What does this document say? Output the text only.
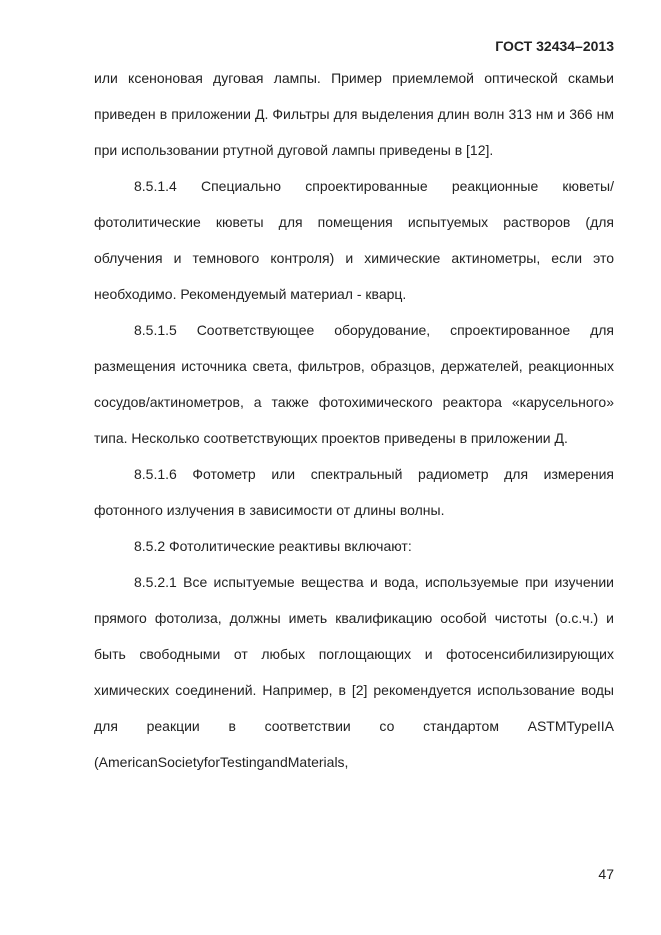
ГОСТ 32434–2013

или ксеноновая дуговая лампы. Пример приемлемой оптической скамьи приведен в приложении Д. Фильтры для выделения длин волн 313 нм и 366 нм при использовании ртутной дуговой лампы приведены в [12].

8.5.1.4 Специально спроектированные реакционные кюветы/ фотолитические кюветы для помещения испытуемых растворов (для облучения и темнового контроля) и химические актинометры, если это необходимо. Рекомендуемый материал - кварц.

8.5.1.5 Соответствующее оборудование, спроектированное для размещения источника света, фильтров, образцов, держателей, реакционных сосудов/актинометров, а также фотохимического реактора «карусельного» типа. Несколько соответствующих проектов приведены в приложении Д.

8.5.1.6 Фотометр или спектральный радиометр для измерения фотонного излучения в зависимости от длины волны.

8.5.2 Фотолитические реактивы включают:

8.5.2.1 Все испытуемые вещества и вода, используемые при изучении прямого фотолиза, должны иметь квалификацию особой чистоты (о.с.ч.) и быть свободными от любых поглощающих и фотосенсибилизирующих химических соединений. Например, в [2] рекомендуется использование воды для реакции в соответствии со стандартом ASTMTypeIIA (AmericanSocietyforTestingandMaterials,

47
